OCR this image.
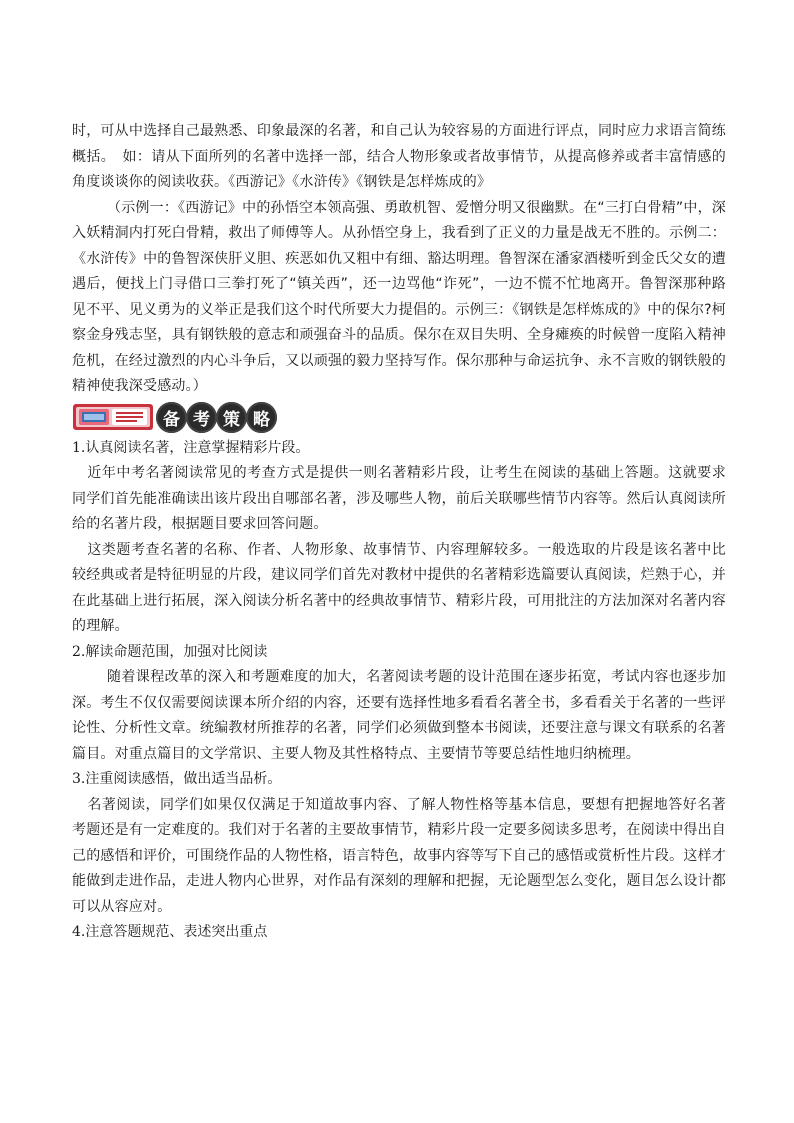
时，可从中选择自己最熟悉、印象最深的名著，和自己认为较容易的方面进行评点，同时应力求语言简练概括。　如：请从下面所列的名著中选择一部，结合人物形象或者故事情节，从提高修养或者丰富情感的角度谈谈你的阅读收获。《西游记》《水浒传》《钢铁是怎样炼成的》

（示例一：《西游记》中的孙悟空本领高强、勇敢机智、爱憎分明又很幽默。在“三打白骨精”中，深入妖精洞内打死白骨精，救出了师傅等人。从孙悟空身上，我看到了正义的力量是战无不胜的。示例二：《水浒传》中的鲁智深侠肝义胆、疾恶如仇又粗中有细、豁达明理。鲁智深在潘家酒楼听到金氏父女的遭遇后，便找上门寻借口三拳打死了“镇关西”，还一边骂他“诈死”，一边不慌不忙地离开。鲁智深那种路见不平、见义勇为的义举正是我们这个时代所要大力提倡的。示例三：《钢铁是怎样炼成的》中的保尔?柯察金身残志坚，具有钢铁般的意志和顽强奋斗的品质。保尔在双目失明、全身瘫痪的时候曾一度陷入精神危机，在经过激烈的内心斗争后，又以顽强的毅力坚持写作。保尔那种与命运抗争、永不言败的钢铁般的精神使我深受感动。）

备 考 策 略

1.认真阅读名著，注意掌握精彩片段。

近年中考名著阅读常见的考查方式是提供一则名著精彩片段，让考生在阅读的基础上答题。这就要求同学们首先能准确读出该片段出自哪部名著，涉及哪些人物，前后关联哪些情节内容等。然后认真阅读所给的名著片段，根据题目要求回答问题。

这类题考查名著的名称、作者、人物形象、故事情节、内容理解较多。一般选取的片段是该名著中比较经典或者是特征明显的片段，建议同学们首先对教材中提供的名著精彩选篇要认真阅读，烂熟于心，并在此基础上进行拓展，深入阅读分析名著中的经典故事情节、精彩片段，可用批注的方法加深对名著内容的理解。

2.解读命题范围，加强对比阅读

随着课程改革的深入和考题难度的加大，名著阅读考题的设计范围在逐步拓宽，考试内容也逐步加深。考生不仅仅需要阅读课本所介绍的内容，还要有选择性地多看看名著全书，多看看关于名著的一些评论性、分析性文章。统编教材所推荐的名著，同学们必须做到整本书阅读，还要注意与课文有联系的名著篇目。对重点篇目的文学常识、主要人物及其性格特点、主要情节等要总结性地归纳梳理。

3.注重阅读感悟，做出适当品析。

名著阅读，同学们如果仅仅满足于知道故事内容、了解人物性格等基本信息，要想有把握地答好名著考题还是有一定难度的。我们对于名著的主要故事情节，精彩片段一定要多阅读多思考，在阅读中得出自己的感悟和评价，可围绕作品的人物性格，语言特色，故事内容等写下自己的感悟或赏析性片段。这样才能做到走进作品，走进人物内心世界，对作品有深刻的理解和把握，无论题型怎么变化，题目怎么设计都可以从容应对。

4.注意答题规范、表述突出重点
